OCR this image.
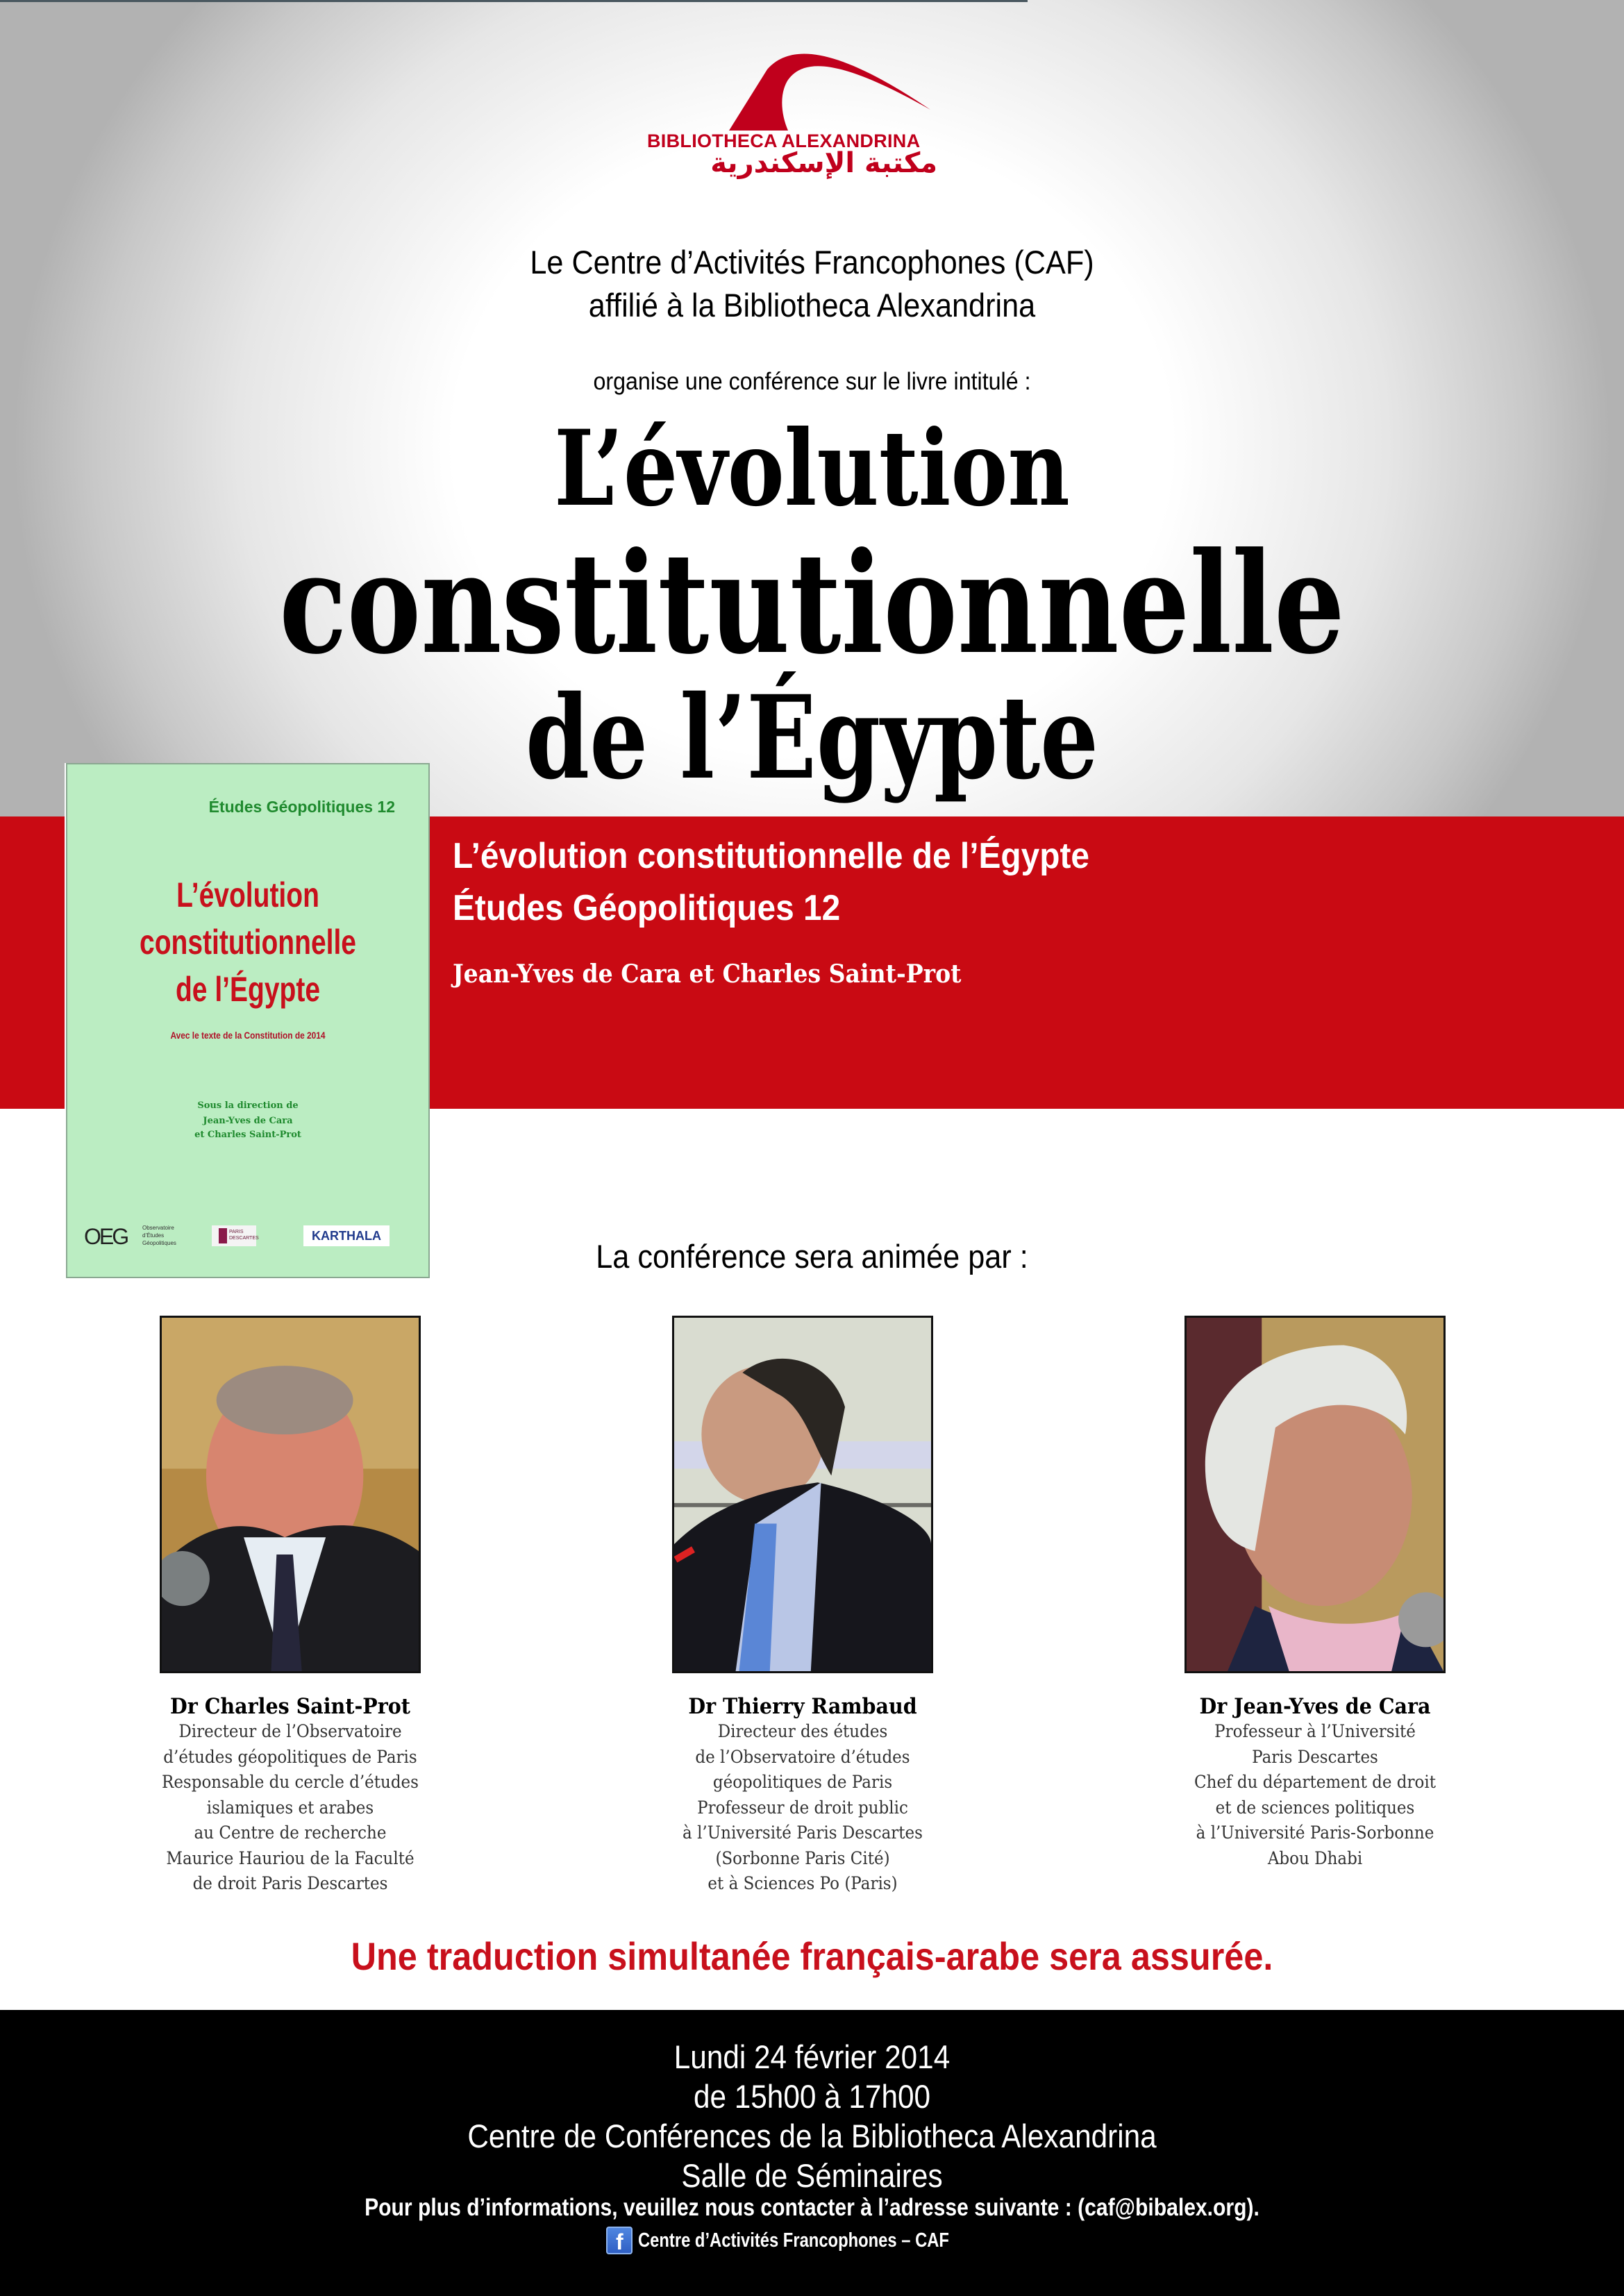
BIBLIOTHECA ALEXANDRINA
مكتبة الإسكندرية
Le Centre d’Activités Francophones (CAF)
affilié à la Bibliotheca Alexandrina
organise une conférence sur le livre intitulé :
L’évolution
constitutionnelle
de l’Égypte
L’évolution constitutionnelle de l’Égypte
Études Géopolitiques 12
Jean-Yves de Cara et Charles Saint-Prot
Études Géopolitiques 12
L’évolution
constitutionnelle
de l’Égypte
Avec le texte de la Constitution de 2014
Sous la direction de
Jean-Yves de Cara
et Charles Saint-Prot
OEG	Observatoire
d’Études
Géopolitiques
PARIS
DESCARTES	KARTHALA
La conférence sera animée par :
Dr Charles Saint-Prot
Directeur de l’Observatoire
d’études géopolitiques de Paris
Responsable du cercle d’études
islamiques et arabes
au Centre de recherche
Maurice Hauriou de la Faculté
de droit Paris Descartes
Dr Thierry Rambaud
Directeur des études
de l’Observatoire d’études
géopolitiques de Paris
Professeur de droit public
à l’Université Paris Descartes
(Sorbonne Paris Cité)
et à Sciences Po (Paris)
Dr Jean-Yves de Cara
Professeur à l’Université
Paris Descartes
Chef du département de droit
et de sciences politiques
à l’Université Paris-Sorbonne
Abou Dhabi
Une traduction simultanée français-arabe sera assurée.
Lundi 24 février 2014
de 15h00 à 17h00
Centre de Conférences de la Bibliotheca Alexandrina
Salle de Séminaires
Pour plus d’informations, veuillez nous contacter à l’adresse suivante : (caf@bibalex.org).
f Centre d’Activités Francophones – CAF
